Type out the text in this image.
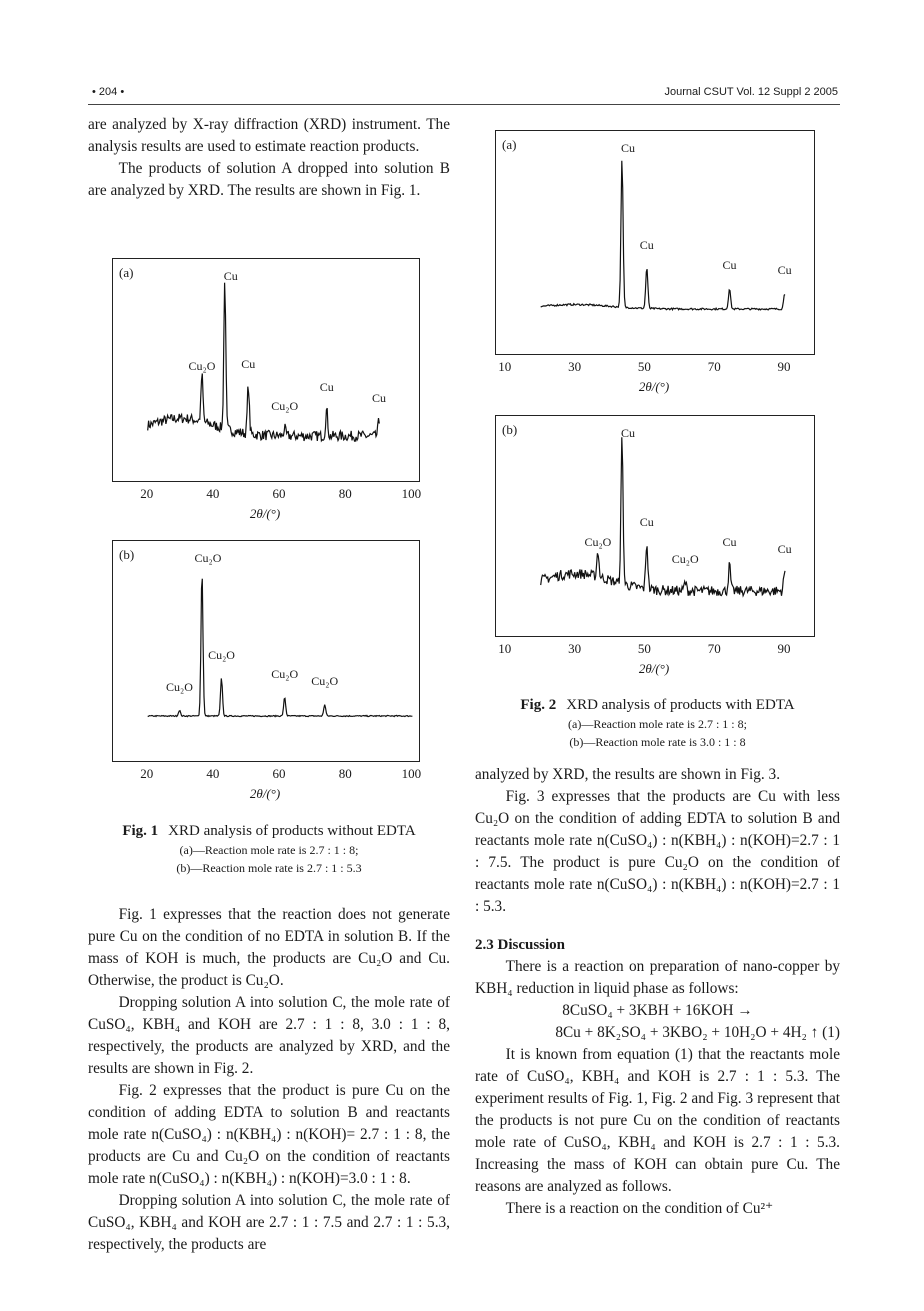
• 204 •	Journal CSUT Vol. 12 Suppl 2 2005

are analyzed by X-ray diffraction (XRD) instrument. The analysis results are used to estimate reaction products.

The products of solution A dropped into solution B are analyzed by XRD. The results are shown in Fig. 1.

(a)
Cu₂O
Cu
Cu
Cu₂O
Cu
Cu
(b)
Cu₂O
Cu₂O
Cu₂O
Cu₂O
Cu₂O
Fig. 1 XRD analysis of products without EDTA
(a)—Reaction mole rate is 2.7 : 1 : 8;
(b)—Reaction mole rate is 2.7 : 1 : 5.3

Fig. 1 expresses that the reaction does not generate pure Cu on the condition of no EDTA in solution B. If the mass of KOH is much, the products are Cu₂O and Cu. Otherwise, the product is Cu₂O.

Dropping solution A into solution C, the mole rate of CuSO₄, KBH₄ and KOH are 2.7 : 1 : 8, 3.0 : 1 : 8, respectively, the products are analyzed by XRD, and the results are shown in Fig. 2.

Fig. 2 expresses that the product is pure Cu on the condition of adding EDTA to solution B and reactants mole rate n(CuSO₄) : n(KBH₄) : n(KOH)= 2.7 : 1 : 8, the products are Cu and Cu₂O on the condition of reactants mole rate n(CuSO₄) : n(KBH₄) : n(KOH)=3.0 : 1 : 8.

Dropping solution A into solution C, the mole rate of CuSO₄, KBH₄ and KOH are 2.7 : 1 : 7.5 and 2.7 : 1 : 5.3, respectively, the products are

(a)	Cu
Cu
Cu	Cu
(b)
Cu₂O
Cu
Cu
Cu₂O
Cu
Cu
Fig. 2 XRD analysis of products with EDTA
(a)—Reaction mole rate is 2.7 : 1 : 8;
(b)—Reaction mole rate is 3.0 : 1 : 8

analyzed by XRD, the results are shown in Fig. 3.

Fig. 3 expresses that the products are Cu with less Cu₂O on the condition of adding EDTA to solution B and reactants mole rate n(CuSO₄) : n(KBH₄) : n(KOH)=2.7 : 1 : 7.5. The product is pure Cu₂O on the condition of reactants mole rate n(CuSO₄) : n(KBH₄) : n(KOH)=2.7 : 1 : 5.3.

2.3 Discussion

There is a reaction on preparation of nano-copper by KBH₄ reduction in liquid phase as follows:

8CuSO₄ + 3KBH + 16KOH →
8Cu + 8K₂SO₄ + 3KBO₂ + 10H₂O + 4H₂ ↑ (1)

It is known from equation (1) that the reactants mole rate of CuSO₄, KBH₄ and KOH is 2.7 : 1 : 5.3. The experiment results of Fig. 1, Fig. 2 and Fig. 3 represent that the products is not pure Cu on the condition of reactants mole rate of CuSO₄, KBH₄ and KOH is 2.7 : 1 : 5.3. Increasing the mass of KOH can obtain pure Cu. The reasons are analyzed as follows.

There is a reaction on the condition of Cu²⁺

20	40	60	80	100
2θ/(°)
20	40	60	80	100
2θ/(°)
10	30	50	70	90
2θ/(°)
10	30	50	70	90
2θ/(°)
